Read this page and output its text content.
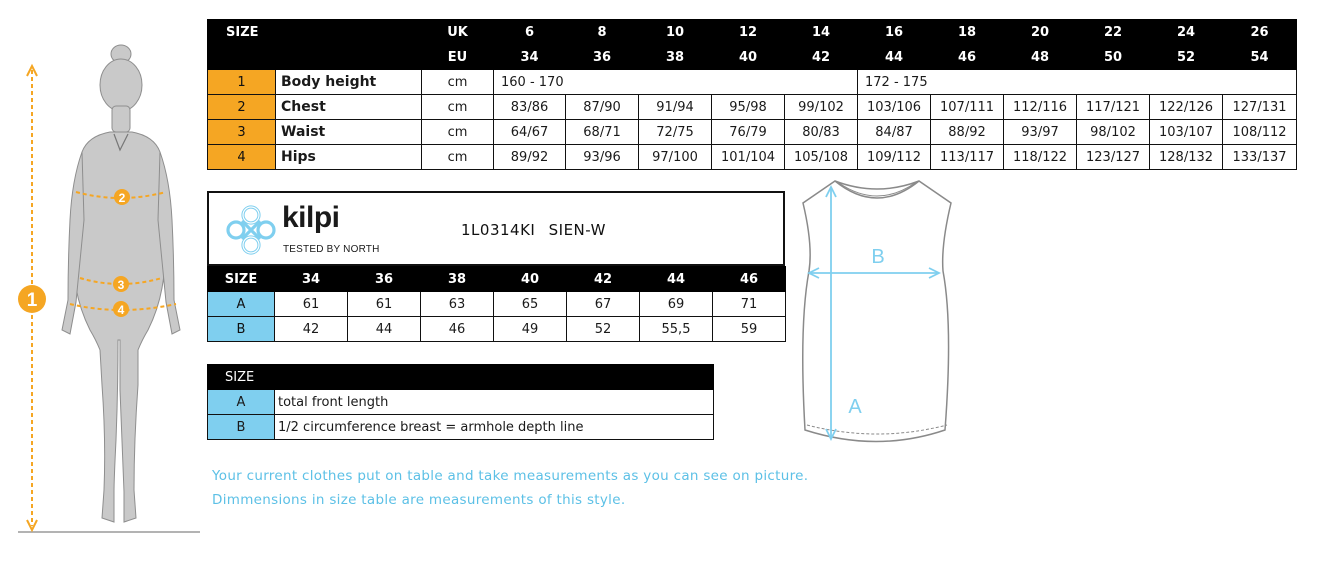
SIZE		UK	6	8	10	12	14	16	18	20	22	24	26
		EU	34	36	38	40	42	44	46	48	50	52	54
1	Body height	cm	160 - 170					172 - 175					
2	Chest	cm	83/86	87/90	91/94	95/98	99/102	103/106	107/111	112/116	117/121	122/126	127/131
3	Waist	cm	64/67	68/71	72/75	76/79	80/83	84/87	88/92	93/97	98/102	103/107	108/112
4	Hips	cm	89/92	93/96	97/100	101/104	105/108	109/112	113/117	118/122	123/127	128/132	133/137
kilpi
TESTED BY NORTH
1L0314KI SIEN-W
SIZE	34	36	38	40	42	44	46
A	61	61	63	65	67	69	71
B	42	44	46	49	52	55,5	59
SIZE	
A	total front length
B	1/2 circumference breast = armhole depth line
Your current clothes put on table and take measurements as you can see on picture.
Dimmensions in size table are measurements of this style.
1
2
3
4
B
A
